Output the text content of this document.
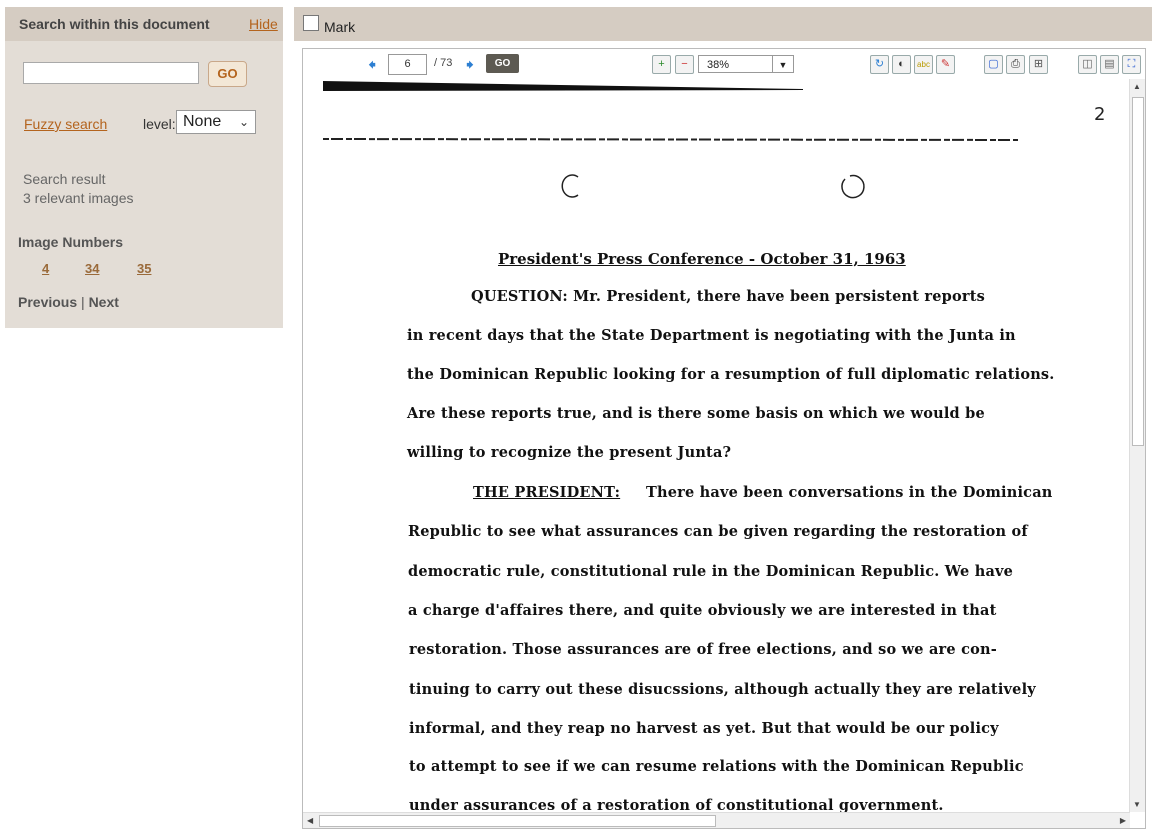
Search within this document	Hide
GO
Fuzzy search	level: None ⌄
Search result
3 relevant images
Image Numbers
4	34	35
Previous | Next
Mark
🠸	6	/ 73 🠺	GO	+	−	38%	▼	↻	◐	abc ✎	▢	⎙	⊞	◫	▤	⛶
2
President's Press Conference - October 31, 1963
QUESTION: Mr. President, there have been persistent reports
in recent days that the State Department is negotiating with the Junta in
the Dominican Republic looking for a resumption of full diplomatic relations.
Are these reports true, and is there some basis on which we would be
willing to recognize the present Junta?
THE PRESIDENT: There have been conversations in the Dominican
Republic to see what assurances can be given regarding the restoration of
democratic rule, constitutional rule in the Dominican Republic. We have
a charge d'affaires there, and quite obviously we are interested in that
restoration. Those assurances are of free elections, and so we are con-
tinuing to carry out these disucssions, although actually they are relatively
informal, and they reap no harvest as yet. But that would be our policy
to attempt to see if we can resume relations with the Dominican Republic
under assurances of a restoration of constitutional government.
▲
▼
◀	▶
